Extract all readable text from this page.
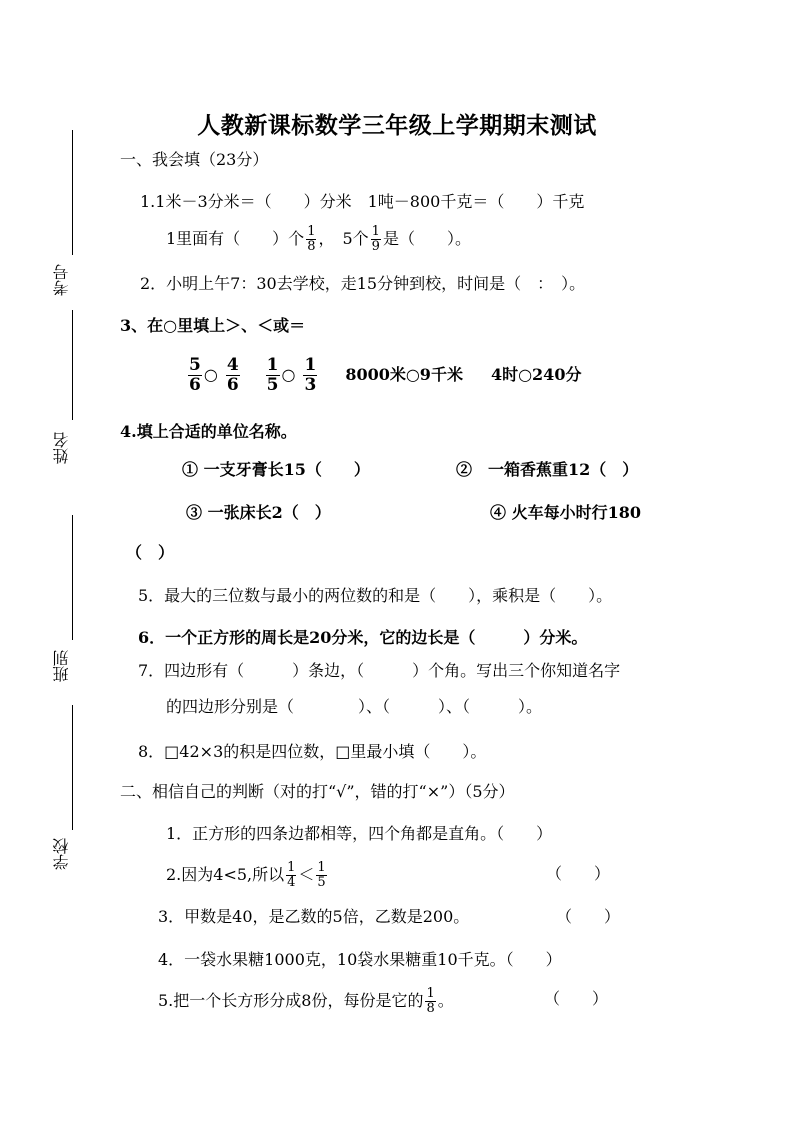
考号
姓名
班别
学校
人教新课标数学三年级上学期期末测试
一、我会填（23分）
1.1米－3分米＝（　　）分米　1吨－800千克＝（　　）千克
1里面有（　　）个 $\frac{1}{8}$ ，　5个 $\frac{1}{9}$ 是（　　）。
2．小明上午7：30去学校，走15分钟到校，时间是（　：　）。
3、在○里填上＞、＜或＝
$\frac{5}{6}$ ○ $\frac{4}{6} \frac{1}{5}$ ○ $\frac{1}{3} 8000$米○9千米 4时○240分
4.填上合适的单位名称。
① 一支牙膏长15（　　）	②　一箱香蕉重12（　）
③ 一张床长2（　）	④ 火车每小时行180
（　）
5．最大的三位数与最小的两位数的和是（　　），乘积是（　　）。
6．一个正方形的周长是20分米，它的边长是（　　　）分米。
7．四边形有（　　　）条边，（　　　）个角。写出三个你知道名字
的四边形分别是（　　　　）、（　　　）、（　　　）。
8．□42×3的积是四位数，□里最小填（　　）。
二、相信自己的判断（对的打“√”，错的打“×”）（5分）
1．正方形的四条边都相等，四个角都是直角。（　　）
2.因为4<5,所以 $\frac{1}{4} < \frac{1}{5}$	（　　）
3．甲数是40，是乙数的5倍，乙数是200。	（　　）
4．一袋水果糖1000克，10袋水果糖重10千克。（　　）
5.把一个长方形分成8份，每份是它的 $\frac{1}{8}$ 。	（　　）
